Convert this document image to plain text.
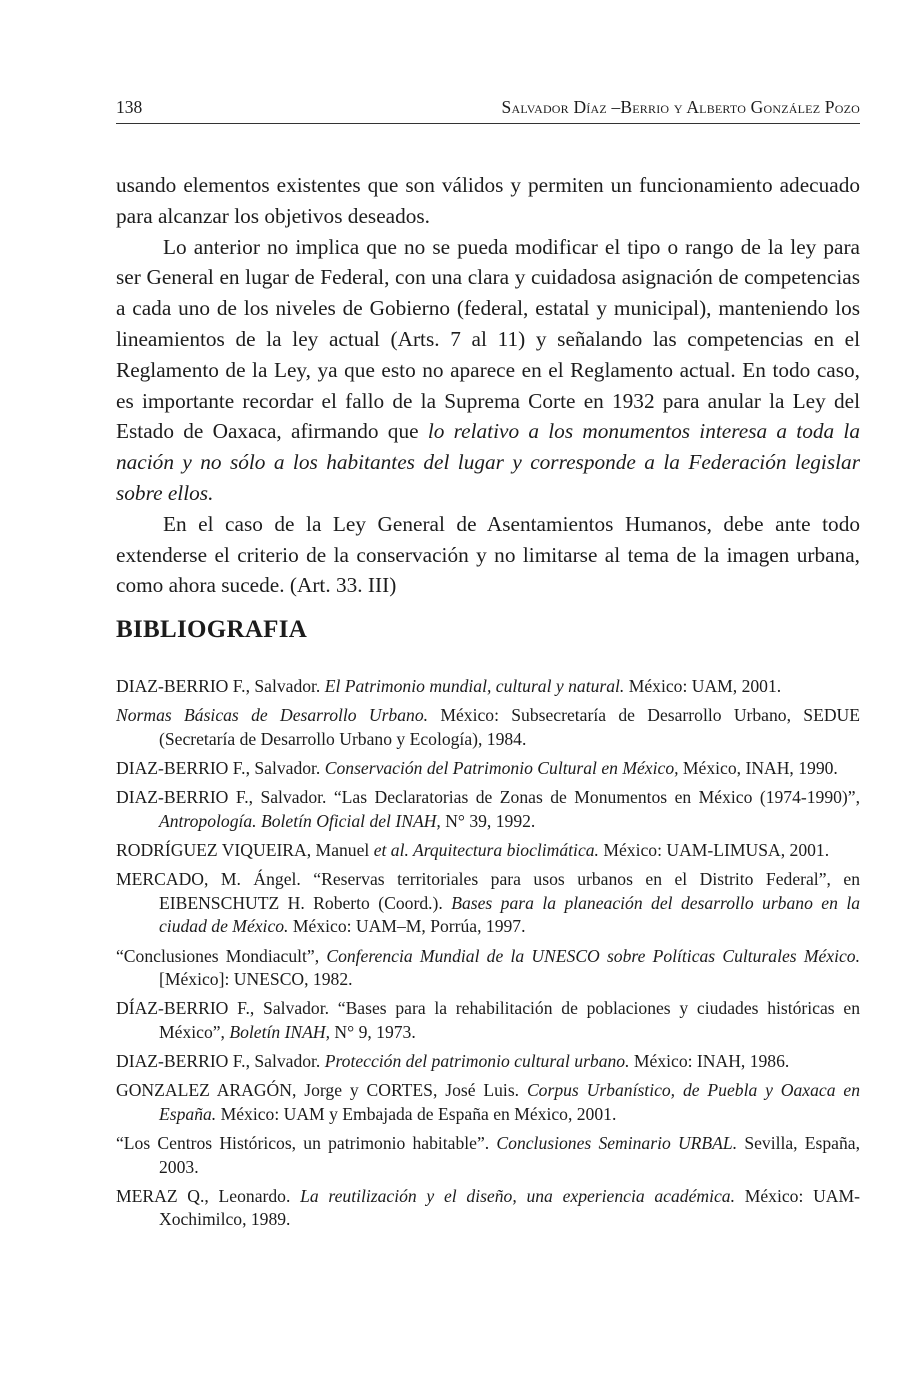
138	Salvador Díaz –Berrio y Alberto González Pozo

usando elementos existentes que son válidos y permiten un funcionamiento adecuado para alcanzar los objetivos deseados.

Lo anterior no implica que no se pueda modificar el tipo o rango de la ley para ser General en lugar de Federal, con una clara y cuidadosa asignación de competencias a cada uno de los niveles de Gobierno (federal, estatal y municipal), manteniendo los lineamientos de la ley actual (Arts. 7 al 11) y señalando las competencias en el Reglamento de la Ley, ya que esto no aparece en el Reglamento actual. En todo caso, es importante recordar el fallo de la Suprema Corte en 1932 para anular la Ley del Estado de Oaxaca, afirmando que lo relativo a los monumentos interesa a toda la nación y no sólo a los habitantes del lugar y corresponde a la Federación legislar sobre ellos.

En el caso de la Ley General de Asentamientos Humanos, debe ante todo extenderse el criterio de la conservación y no limitarse al tema de la imagen urbana, como ahora sucede. (Art. 33. III)

BIBLIOGRAFIA

DIAZ-BERRIO F., Salvador. El Patrimonio mundial, cultural y natural. México: UAM, 2001.

Normas Básicas de Desarrollo Urbano. México: Subsecretaría de Desarrollo Urbano, SEDUE (Secretaría de Desarrollo Urbano y Ecología), 1984.

DIAZ-BERRIO F., Salvador. Conservación del Patrimonio Cultural en México, México, INAH, 1990.

DIAZ-BERRIO F., Salvador. “Las Declaratorias de Zonas de Monumentos en México (1974-1990)”, Antropología. Boletín Oficial del INAH, N° 39, 1992.

RODRÍGUEZ VIQUEIRA, Manuel et al. Arquitectura bioclimática. México: UAM-LIMUSA, 2001.

MERCADO, M. Ángel. “Reservas territoriales para usos urbanos en el Distrito Federal”, en EIBENSCHUTZ H. Roberto (Coord.). Bases para la planeación del desarrollo urbano en la ciudad de México. México: UAM–M, Porrúa, 1997.

“Conclusiones Mondiacult”, Conferencia Mundial de la UNESCO sobre Políticas Culturales México. [México]: UNESCO, 1982.

DÍAZ-BERRIO F., Salvador. “Bases para la rehabilitación de poblaciones y ciudades históricas en México”, Boletín INAH, N° 9, 1973.

DIAZ-BERRIO F., Salvador. Protección del patrimonio cultural urbano. México: INAH, 1986.

GONZALEZ ARAGÓN, Jorge y CORTES, José Luis. Corpus Urbanístico, de Puebla y Oaxaca en España. México: UAM y Embajada de España en México, 2001.

“Los Centros Históricos, un patrimonio habitable”. Conclusiones Seminario URBAL. Sevilla, España, 2003.

MERAZ Q., Leonardo. La reutilización y el diseño, una experiencia académica. México: UAM-Xochimilco, 1989.
